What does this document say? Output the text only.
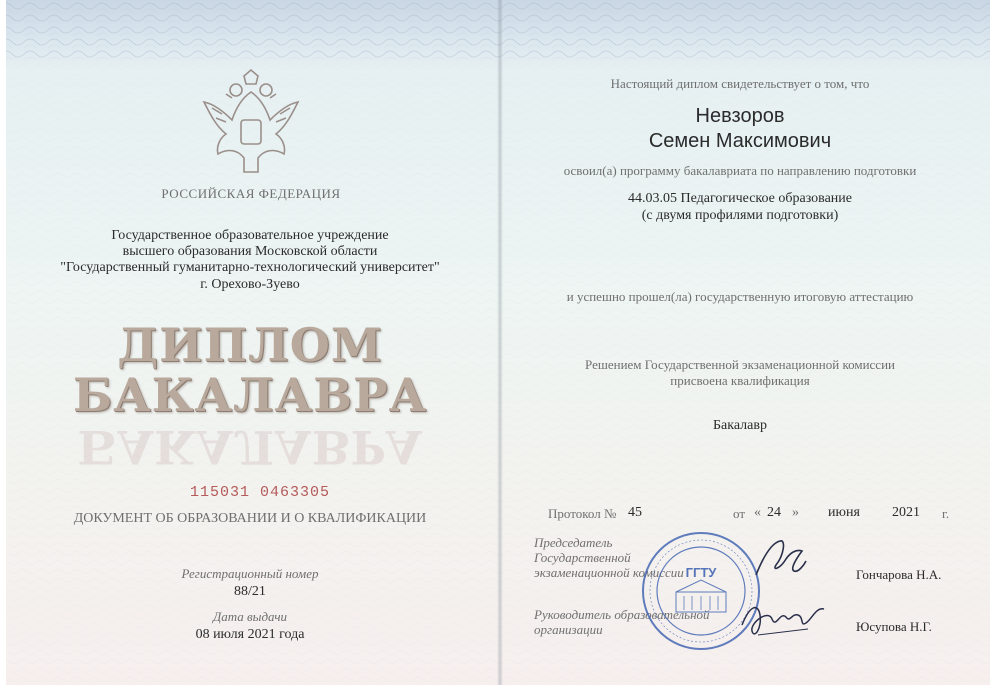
РОССИЙСКАЯ ФЕДЕРАЦИЯ
Государственное образовательное учреждение
высшего образования Московской области
"Государственный гуманитарно-технологический университет"
г. Орехово-Зуево
ДИПЛОМ
БАКАЛАВРА
БАКАЛАВРА
115031 0463305
ДОКУМЕНТ ОБ ОБРАЗОВАНИИ И О КВАЛИФИКАЦИИ
Регистрационный номер
88/21
Дата выдачи
08 июля 2021 года
Настоящий диплом свидетельствует о том, что
Невзоров
Семен Максимович
освоил(а) программу бакалавриата по направлению подготовки
44.03.05 Педагогическое образование
(с двумя профилями подготовки)
и успешно прошел(ла) государственную итоговую аттестацию
Решением Государственной экзаменационной комиссии
присвоена квалификация
Бакалавр
Протокол № 45	от « 24 » июня 2021 г.
Председатель
Государственной
экзаменационной комиссии	Гончарова Н.А.
Руководитель образовательной
организации	Юсупова Н.Г.
ГГТУ
